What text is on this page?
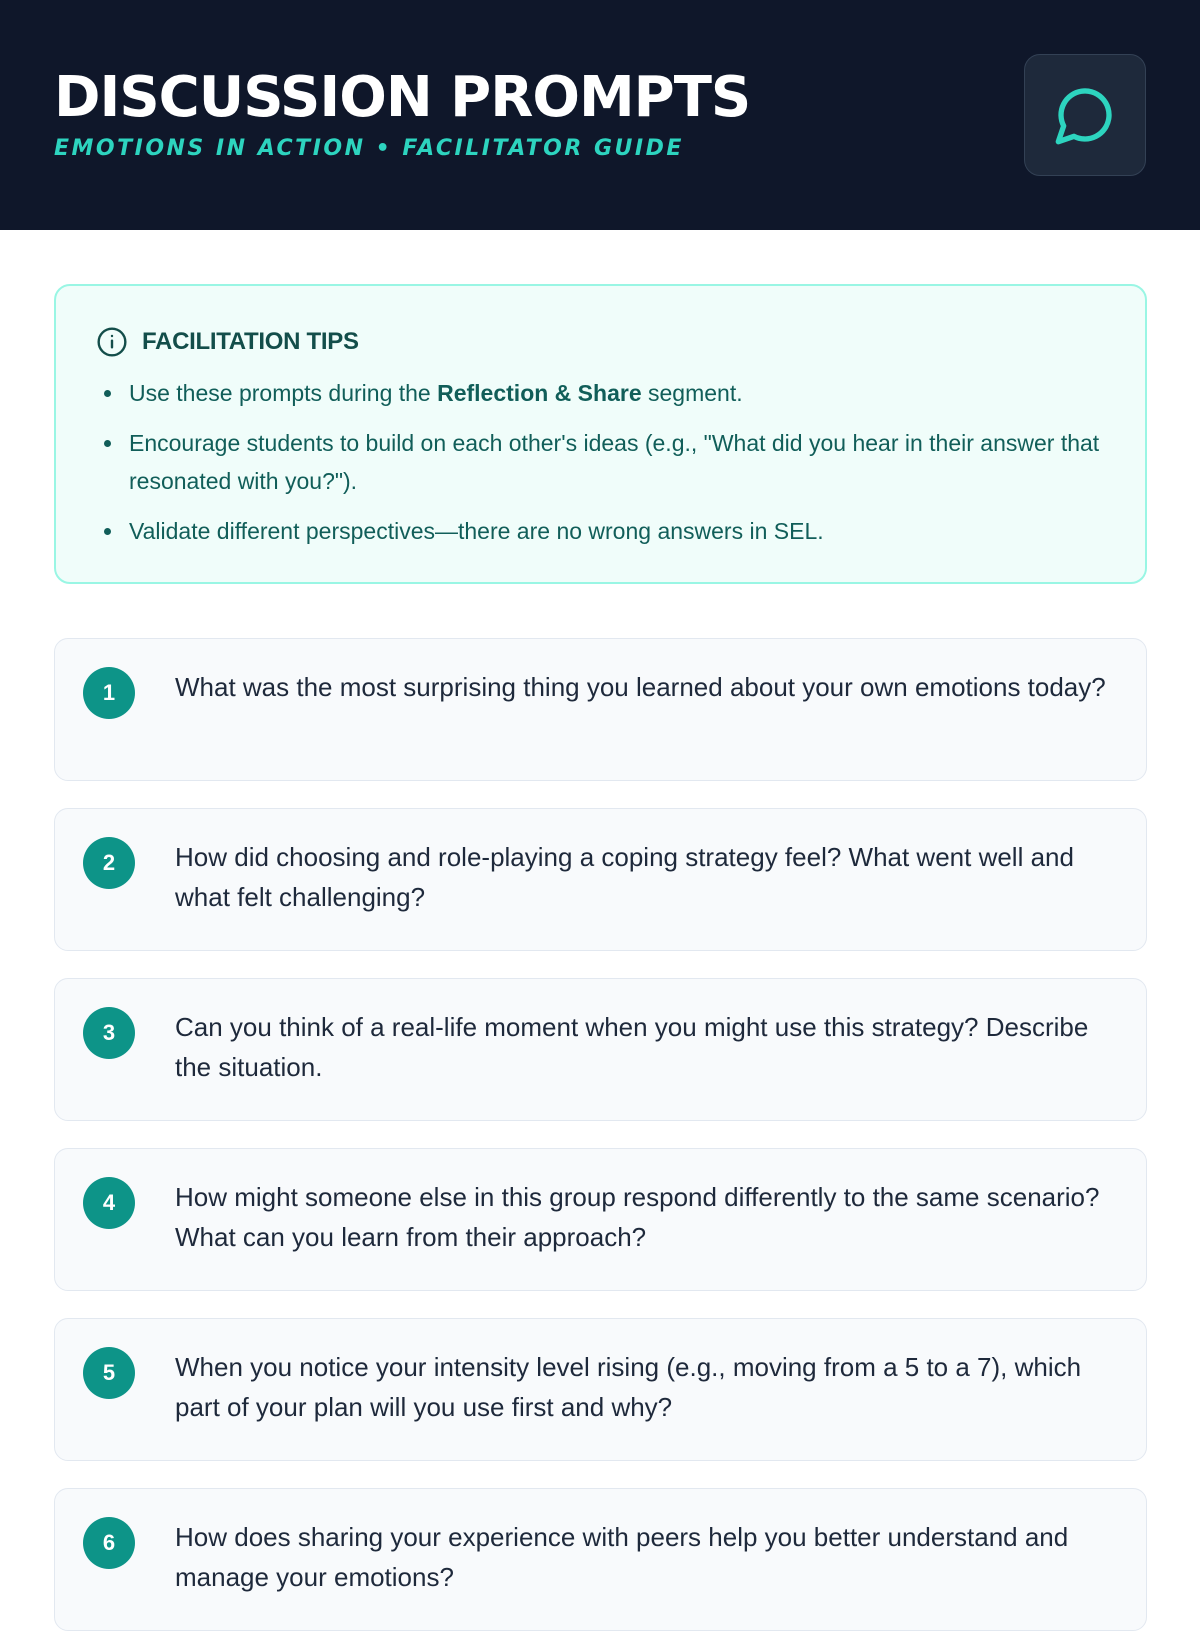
DISCUSSION PROMPTS
EMOTIONS IN ACTION • FACILITATOR GUIDE
FACILITATION TIPS
Use these prompts during the Reflection & Share segment.
Encourage students to build on each other's ideas (e.g., "What did you hear in their answer that resonated with you?").
Validate different perspectives—there are no wrong answers in SEL.
1	What was the most surprising thing you learned about your own emotions today?
2	How did choosing and role-playing a coping strategy feel? What went well and what felt challenging?
3	Can you think of a real-life moment when you might use this strategy? Describe the situation.
4	How might someone else in this group respond differently to the same scenario? What can you learn from their approach?
5	When you notice your intensity level rising (e.g., moving from a 5 to a 7), which part of your plan will you use first and why?
6	How does sharing your experience with peers help you better understand and manage your emotions?
